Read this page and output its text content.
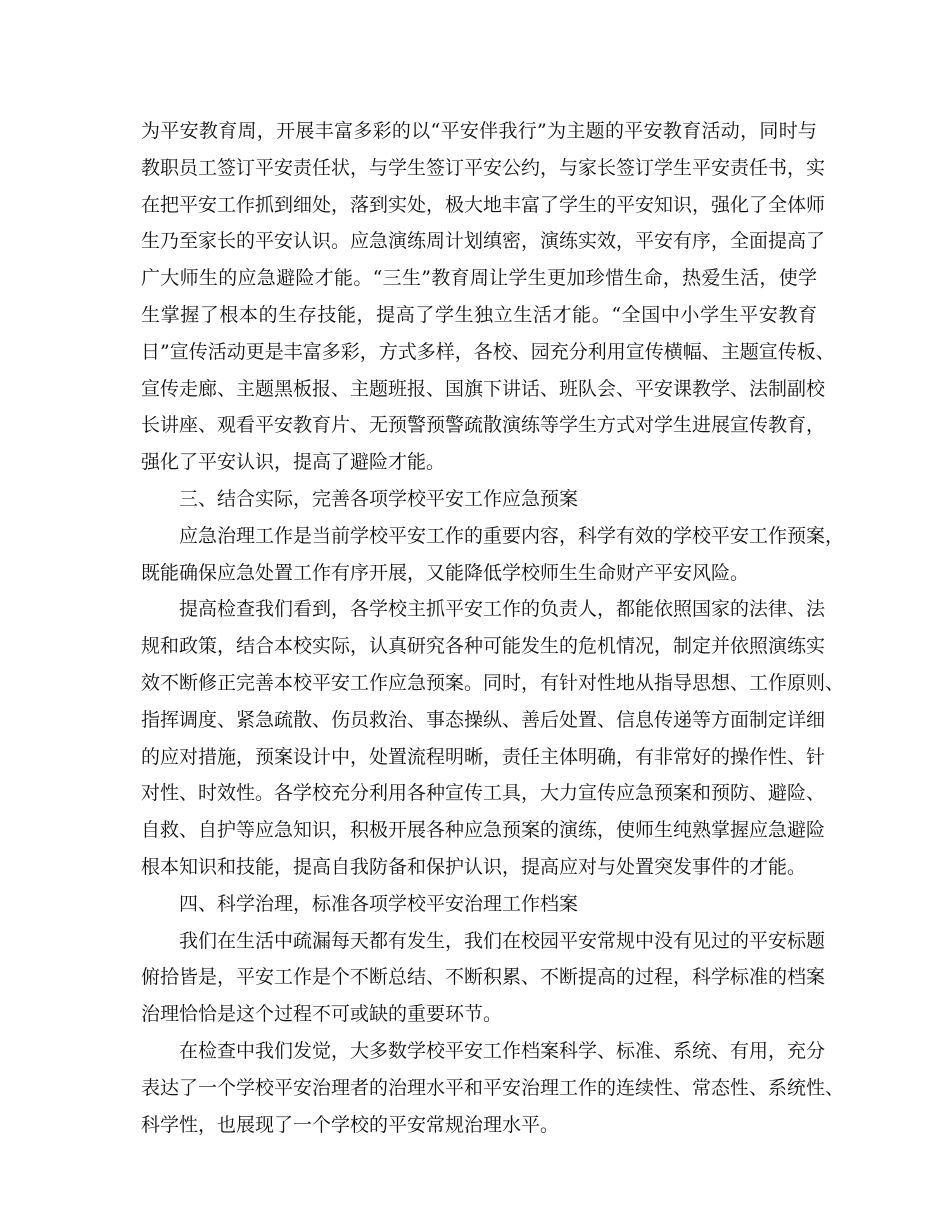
为平安教育周，开展丰富多彩的以“平安伴我行”为主题的平安教育活动，同时与
教职员工签订平安责任状，与学生签订平安公约，与家长签订学生平安责任书，实
在把平安工作抓到细处，落到实处，极大地丰富了学生的平安知识，强化了全体师
生乃至家长的平安认识。应急演练周计划缜密，演练实效，平安有序，全面提高了
广大师生的应急避险才能。“三生”教育周让学生更加珍惜生命，热爱生活，使学
生掌握了根本的生存技能，提高了学生独立生活才能。“全国中小学生平安教育
日”宣传活动更是丰富多彩，方式多样，各校、园充分利用宣传横幅、主题宣传板、
宣传走廊、主题黑板报、主题班报、国旗下讲话、班队会、平安课教学、法制副校
长讲座、观看平安教育片、无预警预警疏散演练等学生方式对学生进展宣传教育，
强化了平安认识，提高了避险才能。
三、结合实际，完善各项学校平安工作应急预案
应急治理工作是当前学校平安工作的重要内容，科学有效的学校平安工作预案，
既能确保应急处置工作有序开展，又能降低学校师生生命财产平安风险。
提高检查我们看到，各学校主抓平安工作的负责人，都能依照国家的法律、法
规和政策，结合本校实际，认真研究各种可能发生的危机情况，制定并依照演练实
效不断修正完善本校平安工作应急预案。同时，有针对性地从指导思想、工作原则、
指挥调度、紧急疏散、伤员救治、事态操纵、善后处置、信息传递等方面制定详细
的应对措施，预案设计中，处置流程明晰，责任主体明确，有非常好的操作性、针
对性、时效性。各学校充分利用各种宣传工具，大力宣传应急预案和预防、避险、
自救、自护等应急知识，积极开展各种应急预案的演练，使师生纯熟掌握应急避险
根本知识和技能，提高自我防备和保护认识，提高应对与处置突发事件的才能。
四、科学治理，标准各项学校平安治理工作档案
我们在生活中疏漏每天都有发生，我们在校园平安常规中没有见过的平安标题
俯拾皆是，平安工作是个不断总结、不断积累、不断提高的过程，科学标准的档案
治理恰恰是这个过程不可或缺的重要环节。
在检查中我们发觉，大多数学校平安工作档案科学、标准、系统、有用，充分
表达了一个学校平安治理者的治理水平和平安治理工作的连续性、常态性、系统性、
科学性，也展现了一个学校的平安常规治理水平。
